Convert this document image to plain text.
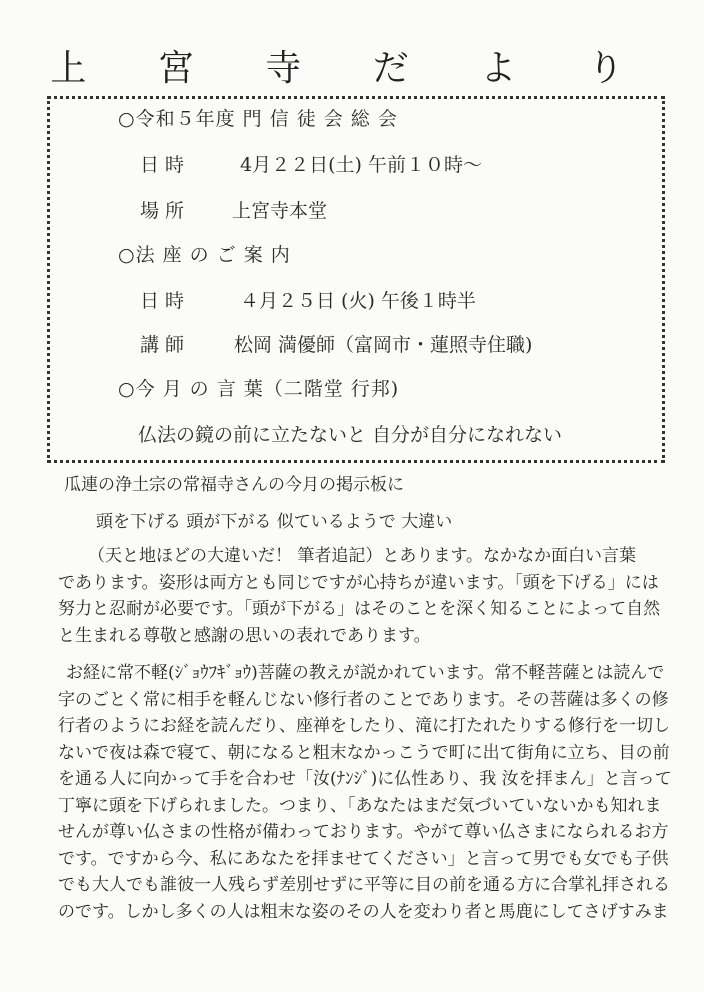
上 宮 寺 だ よ り
○令和５年度 門 信 徒 会 総 会
日 時	4月２２日(土) 午前１０時～
場 所	上宮寺本堂
○法 座 の ご 案 内
日 時	４月２５日 (火) 午後１時半
講 師	松岡 満優師（富岡市・蓮照寺住職)
○今 月 の 言 葉（二階堂 行邦)
仏法の鏡の前に立たないと 自分が自分になれない
瓜連の浄土宗の常福寺さんの今月の掲示板に
頭を下げる 頭が下がる 似ているようで 大違い
（天と地ほどの大違いだ！ 筆者追記）とあります。なかなか面白い言葉
であります。姿形は両方とも同じですが心持ちが違います。「頭を下げる」には
努力と忍耐が必要です。「頭が下がる」はそのことを深く知ることによって自然
と生まれる尊敬と感謝の思いの表れであります。
お経に常不軽(ｼﾞｮｳﾌｷﾞｮｳ)菩薩の教えが説かれています。常不軽菩薩とは読んで
字のごとく常に相手を軽んじない修行者のことであります。その菩薩は多くの修
行者のようにお経を読んだり、座禅をしたり、滝に打たれたりする修行を一切し
ないで夜は森で寝て、朝になると粗末なかっこうで町に出て街角に立ち、目の前
を通る人に向かって手を合わせ「汝(ﾅﾝｼﾞ)に仏性あり、我 汝を拝まん」と言って
丁寧に頭を下げられました。つまり、「あなたはまだ気づいていないかも知れま
せんが尊い仏さまの性格が備わっております。やがて尊い仏さまになられるお方
です。ですから今、私にあなたを拝ませてください」と言って男でも女でも子供
でも大人でも誰彼一人残らず差別せずに平等に目の前を通る方に合掌礼拝される
のです。しかし多くの人は粗末な姿のその人を変わり者と馬鹿にしてさげすみま
